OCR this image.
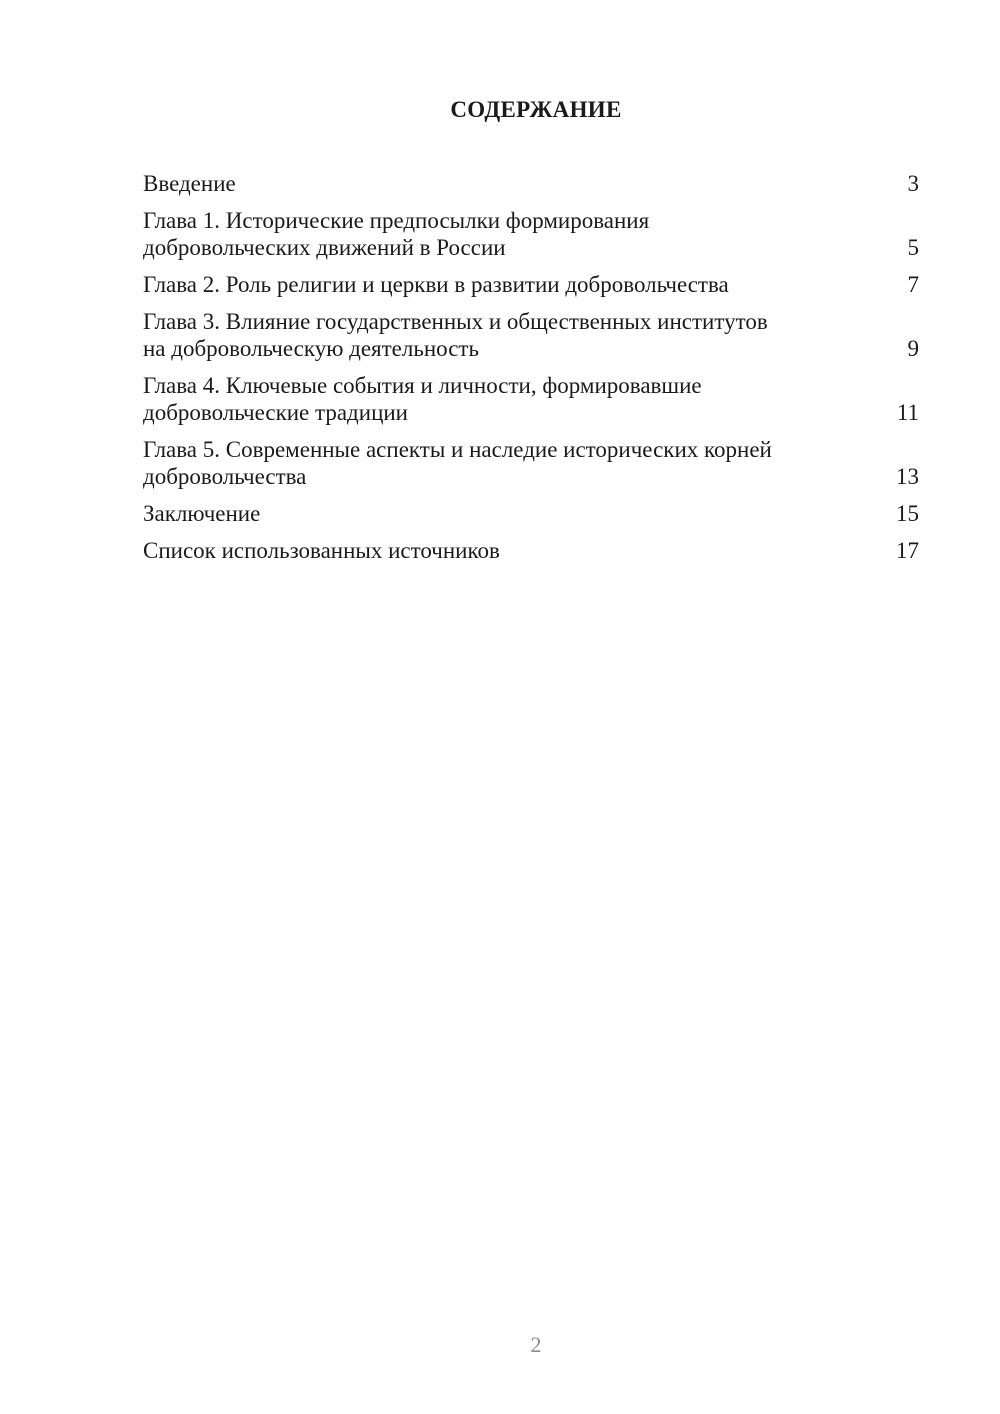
СОДЕРЖАНИЕ
Введение	3
Глава 1. Исторические предпосылки формирования
добровольческих движений в России	5
Глава 2. Роль религии и церкви в развитии добровольчества	7
Глава 3. Влияние государственных и общественных институтов
на добровольческую деятельность	9
Глава 4. Ключевые события и личности, формировавшие
добровольческие традиции	11
Глава 5. Современные аспекты и наследие исторических корней
добровольчества	13
Заключение	15
Список использованных источников	17
2
